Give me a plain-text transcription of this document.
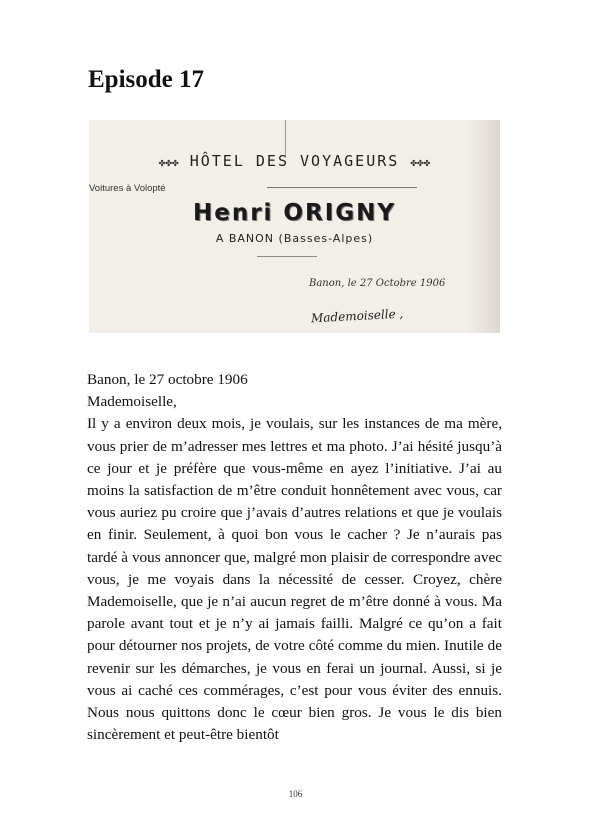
Episode 17
✤✤✤ HÔTEL DES VOYAGEURS ✤✤✤
Voitures à Volopté
Henri ORIGNY
A BANON (Basses-Alpes)
Banon, le 27 Octobre 1906
Mademoiselle ,
Banon, le 27 octobre 1906
Mademoiselle,
Il y a environ deux mois, je voulais, sur les instances de ma mère, vous prier de m’adresser mes lettres et ma photo. J’ai hésité jusqu’à ce jour et je préfère que vous-même en ayez l’initiative. J’ai au moins la satisfaction de m’être conduit honnêtement avec vous, car vous auriez pu croire que j’avais d’autres relations et que je voulais en finir. Seulement, à quoi bon vous le cacher ? Je n’aurais pas tardé à vous annoncer que, malgré mon plaisir de correspondre avec vous, je me voyais dans la nécessité de cesser. Croyez, chère Mademoiselle, que je n’ai aucun regret de m’être donné à vous. Ma parole avant tout et je n’y ai jamais failli. Malgré ce qu’on a fait pour détourner nos projets, de votre côté comme du mien. Inutile de revenir sur les démarches, je vous en ferai un journal. Aussi, si je vous ai caché ces commérages, c’est pour vous éviter des ennuis. Nous nous quittons donc le cœur bien gros. Je vous le dis bien sincèrement et peut-être bientôt
106
